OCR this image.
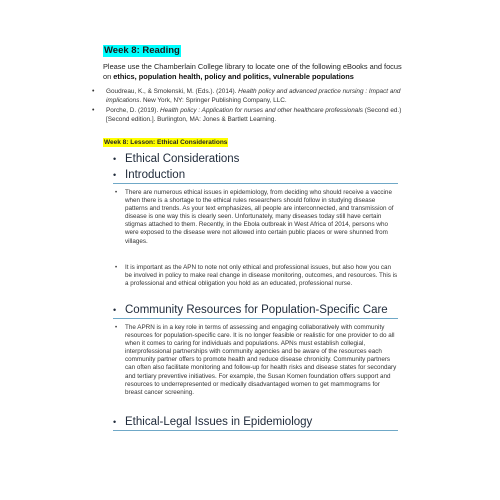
Week 8: Reading
Please use the Chamberlain College library to locate one of the following eBooks and focus on ethics, population health, policy and politics, vulnerable populations
• Goudreau, K., & Smolenski, M. (Eds.). (2014). Health policy and advanced practice nursing : Impact and implications. New York, NY: Springer Publishing Company, LLC.
• Porche, D. (2019). Health policy : Application for nurses and other healthcare professionals (Second ed.) [Second edition.]. Burlington, MA: Jones & Bartlett Learning.
Week 8: Lesson: Ethical Considerations
• Ethical Considerations
• Introduction
•	There are numerous ethical issues in epidemiology, from deciding who should receive a vaccine when there is a shortage to the ethical rules researchers should follow in studying disease patterns and trends. As your text emphasizes, all people are interconnected, and transmission of disease is one way this is clearly seen. Unfortunately, many diseases today still have certain stigmas attached to them. Recently, in the Ebola outbreak in West Africa of 2014, persons who were exposed to the disease were not allowed into certain public places or were shunned from villages.
•	It is important as the APN to note not only ethical and professional issues, but also how you can be involved in policy to make real change in disease monitoring, outcomes, and resources. This is a professional and ethical obligation you hold as an educated, professional nurse.
• Community Resources for Population-Specific Care
•	The APRN is in a key role in terms of assessing and engaging collaboratively with community resources for population-specific care. It is no longer feasible or realistic for one provider to do all when it comes to caring for individuals and populations. APNs must establish collegial, interprofessional partnerships with community agencies and be aware of the resources each community partner offers to promote health and reduce disease chronicity. Community partners can often also facilitate monitoring and follow-up for health risks and disease states for secondary and tertiary preventive initiatives. For example, the Susan Komen foundation offers support and resources to underrepresented or medically disadvantaged women to get mammograms for breast cancer screening.
• Ethical-Legal Issues in Epidemiology
